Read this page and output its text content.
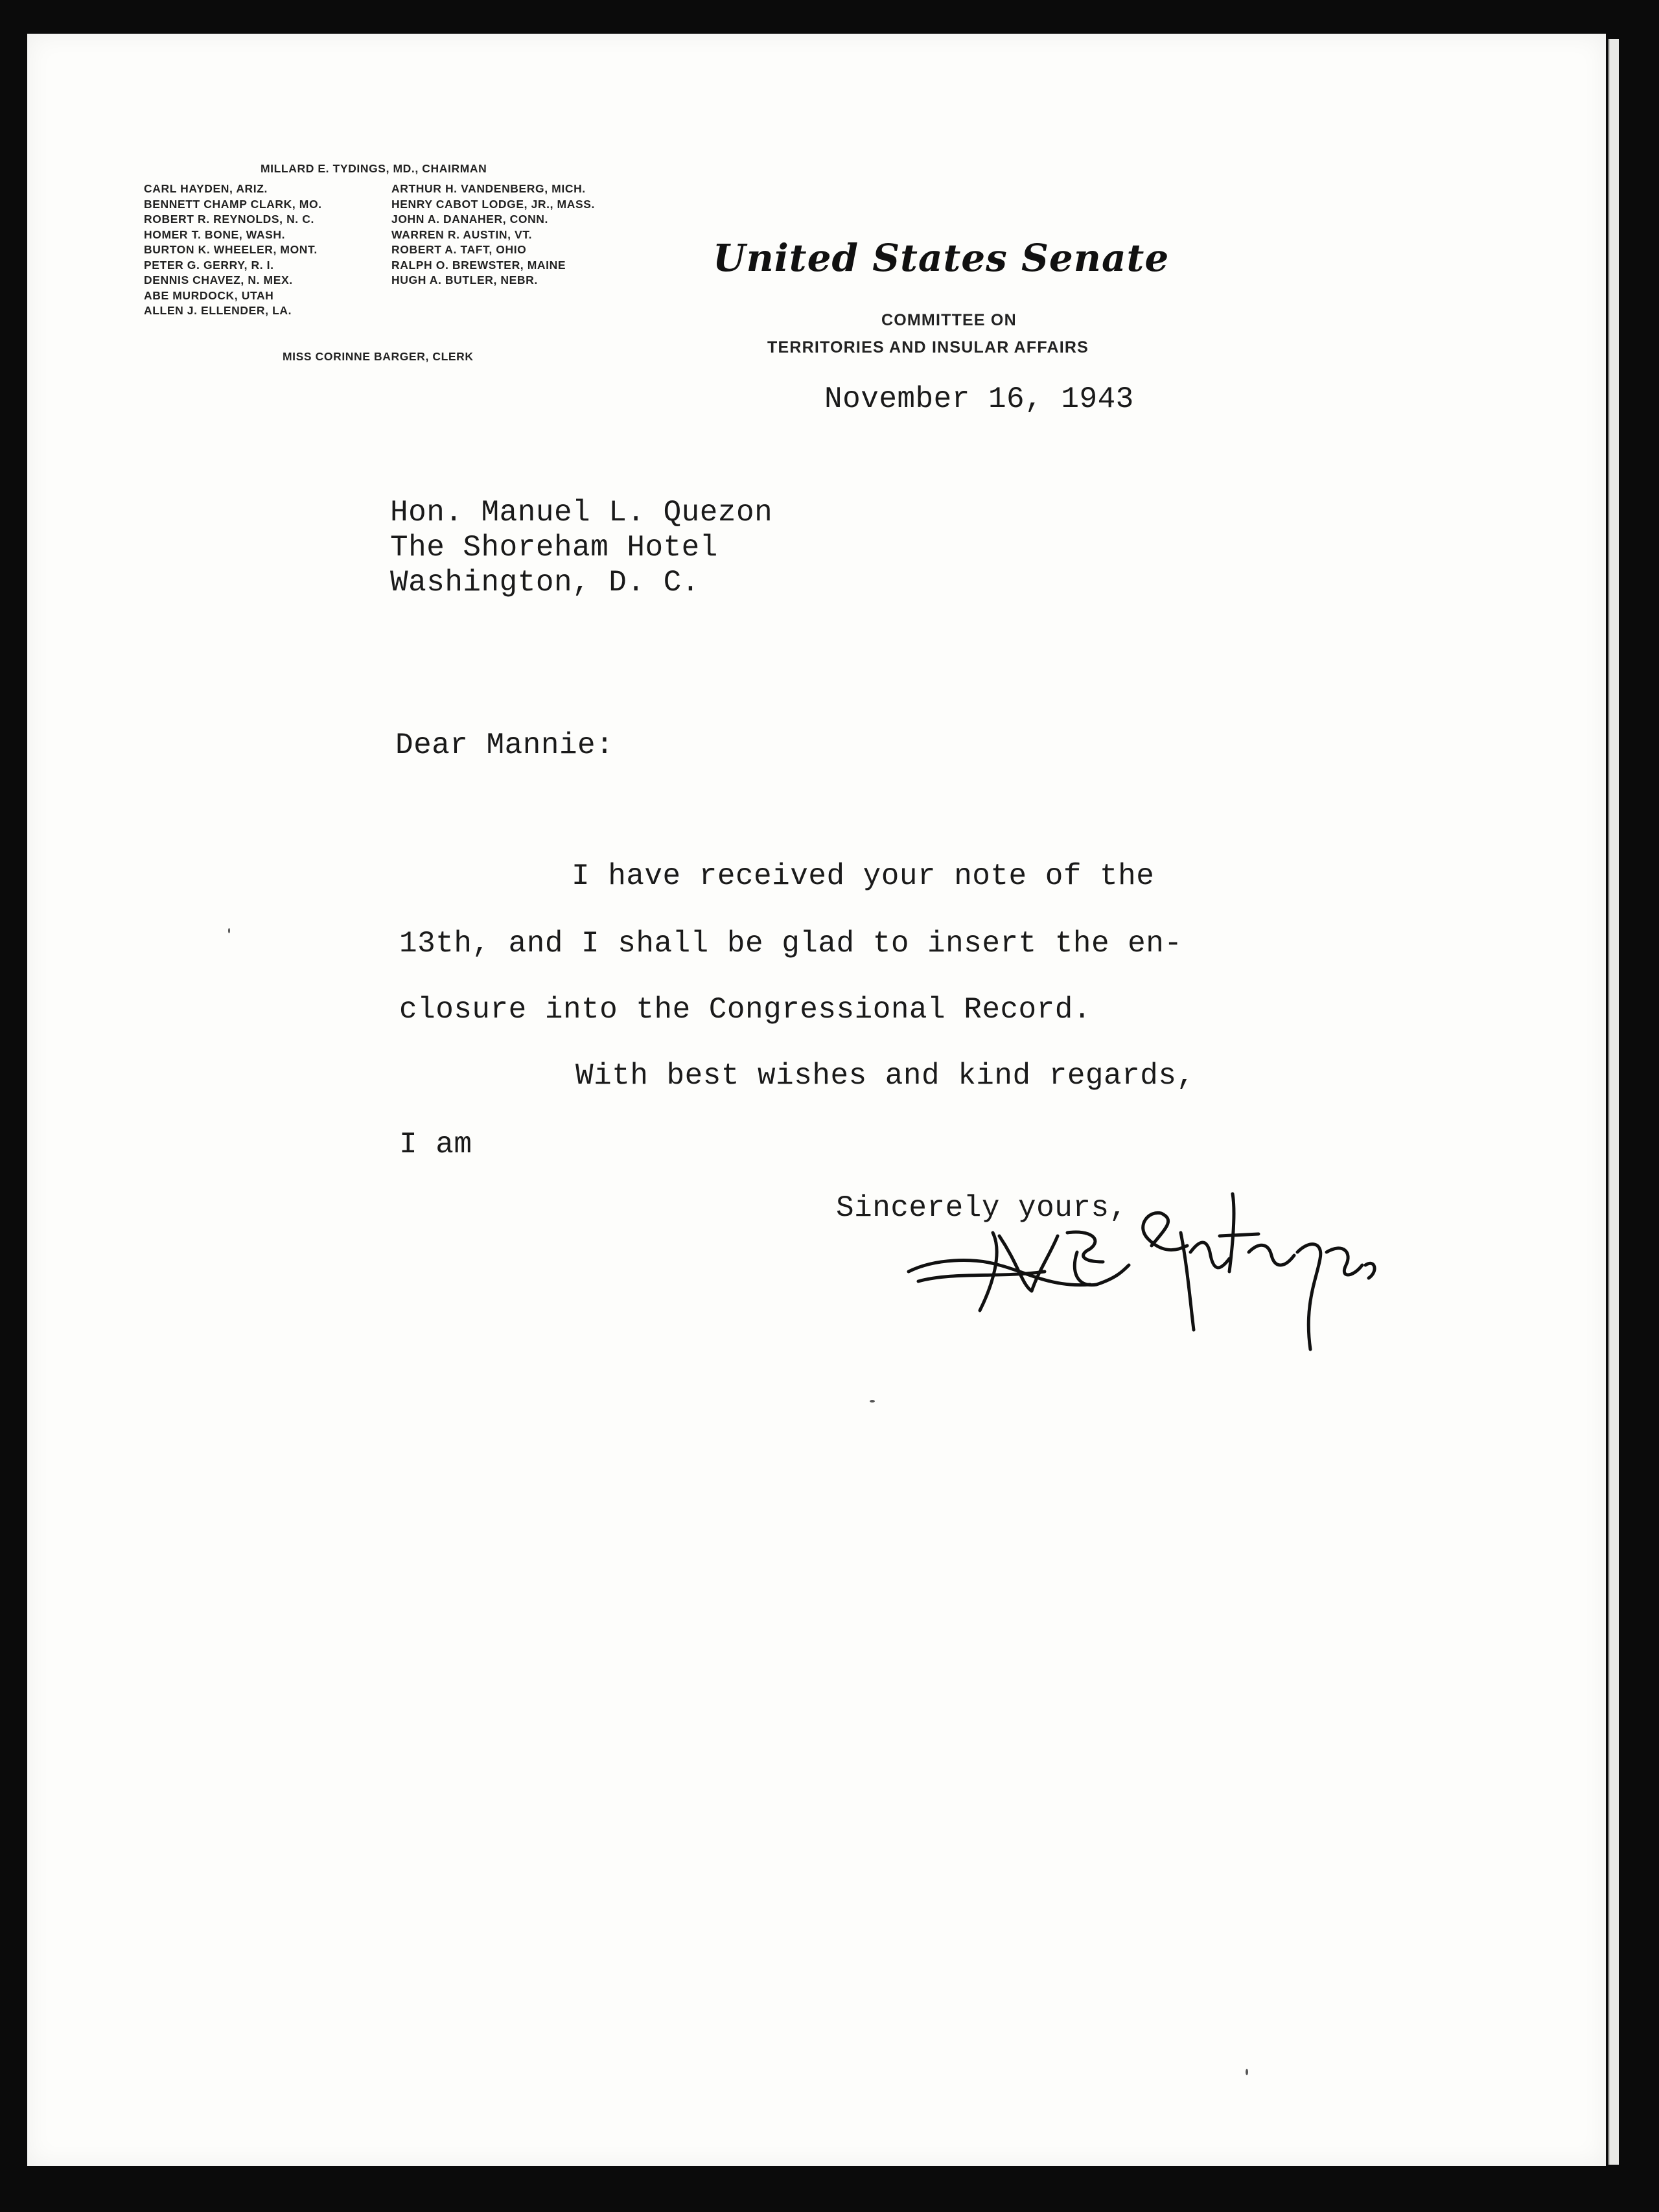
MILLARD E. TYDINGS, MD., CHAIRMAN
CARL HAYDEN, ARIZ.
BENNETT CHAMP CLARK, MO.
ROBERT R. REYNOLDS, N. C.
HOMER T. BONE, WASH.
BURTON K. WHEELER, MONT.
PETER G. GERRY, R. I.
DENNIS CHAVEZ, N. MEX.
ABE MURDOCK, UTAH
ALLEN J. ELLENDER, LA.
ARTHUR H. VANDENBERG, MICH.
HENRY CABOT LODGE, JR., MASS.
JOHN A. DANAHER, CONN.
WARREN R. AUSTIN, VT.
ROBERT A. TAFT, OHIO
RALPH O. BREWSTER, MAINE
HUGH A. BUTLER, NEBR.
MISS CORINNE BARGER, CLERK
United States Senate
COMMITTEE ON
TERRITORIES AND INSULAR AFFAIRS
November 16, 1943
Hon. Manuel L. Quezon
The Shoreham Hotel
Washington, D. C.
Dear Mannie:
I have received your note of the
13th, and I shall be glad to insert the en-
closure into the Congressional Record.
With best wishes and kind regards,
I am
Sincerely yours,
